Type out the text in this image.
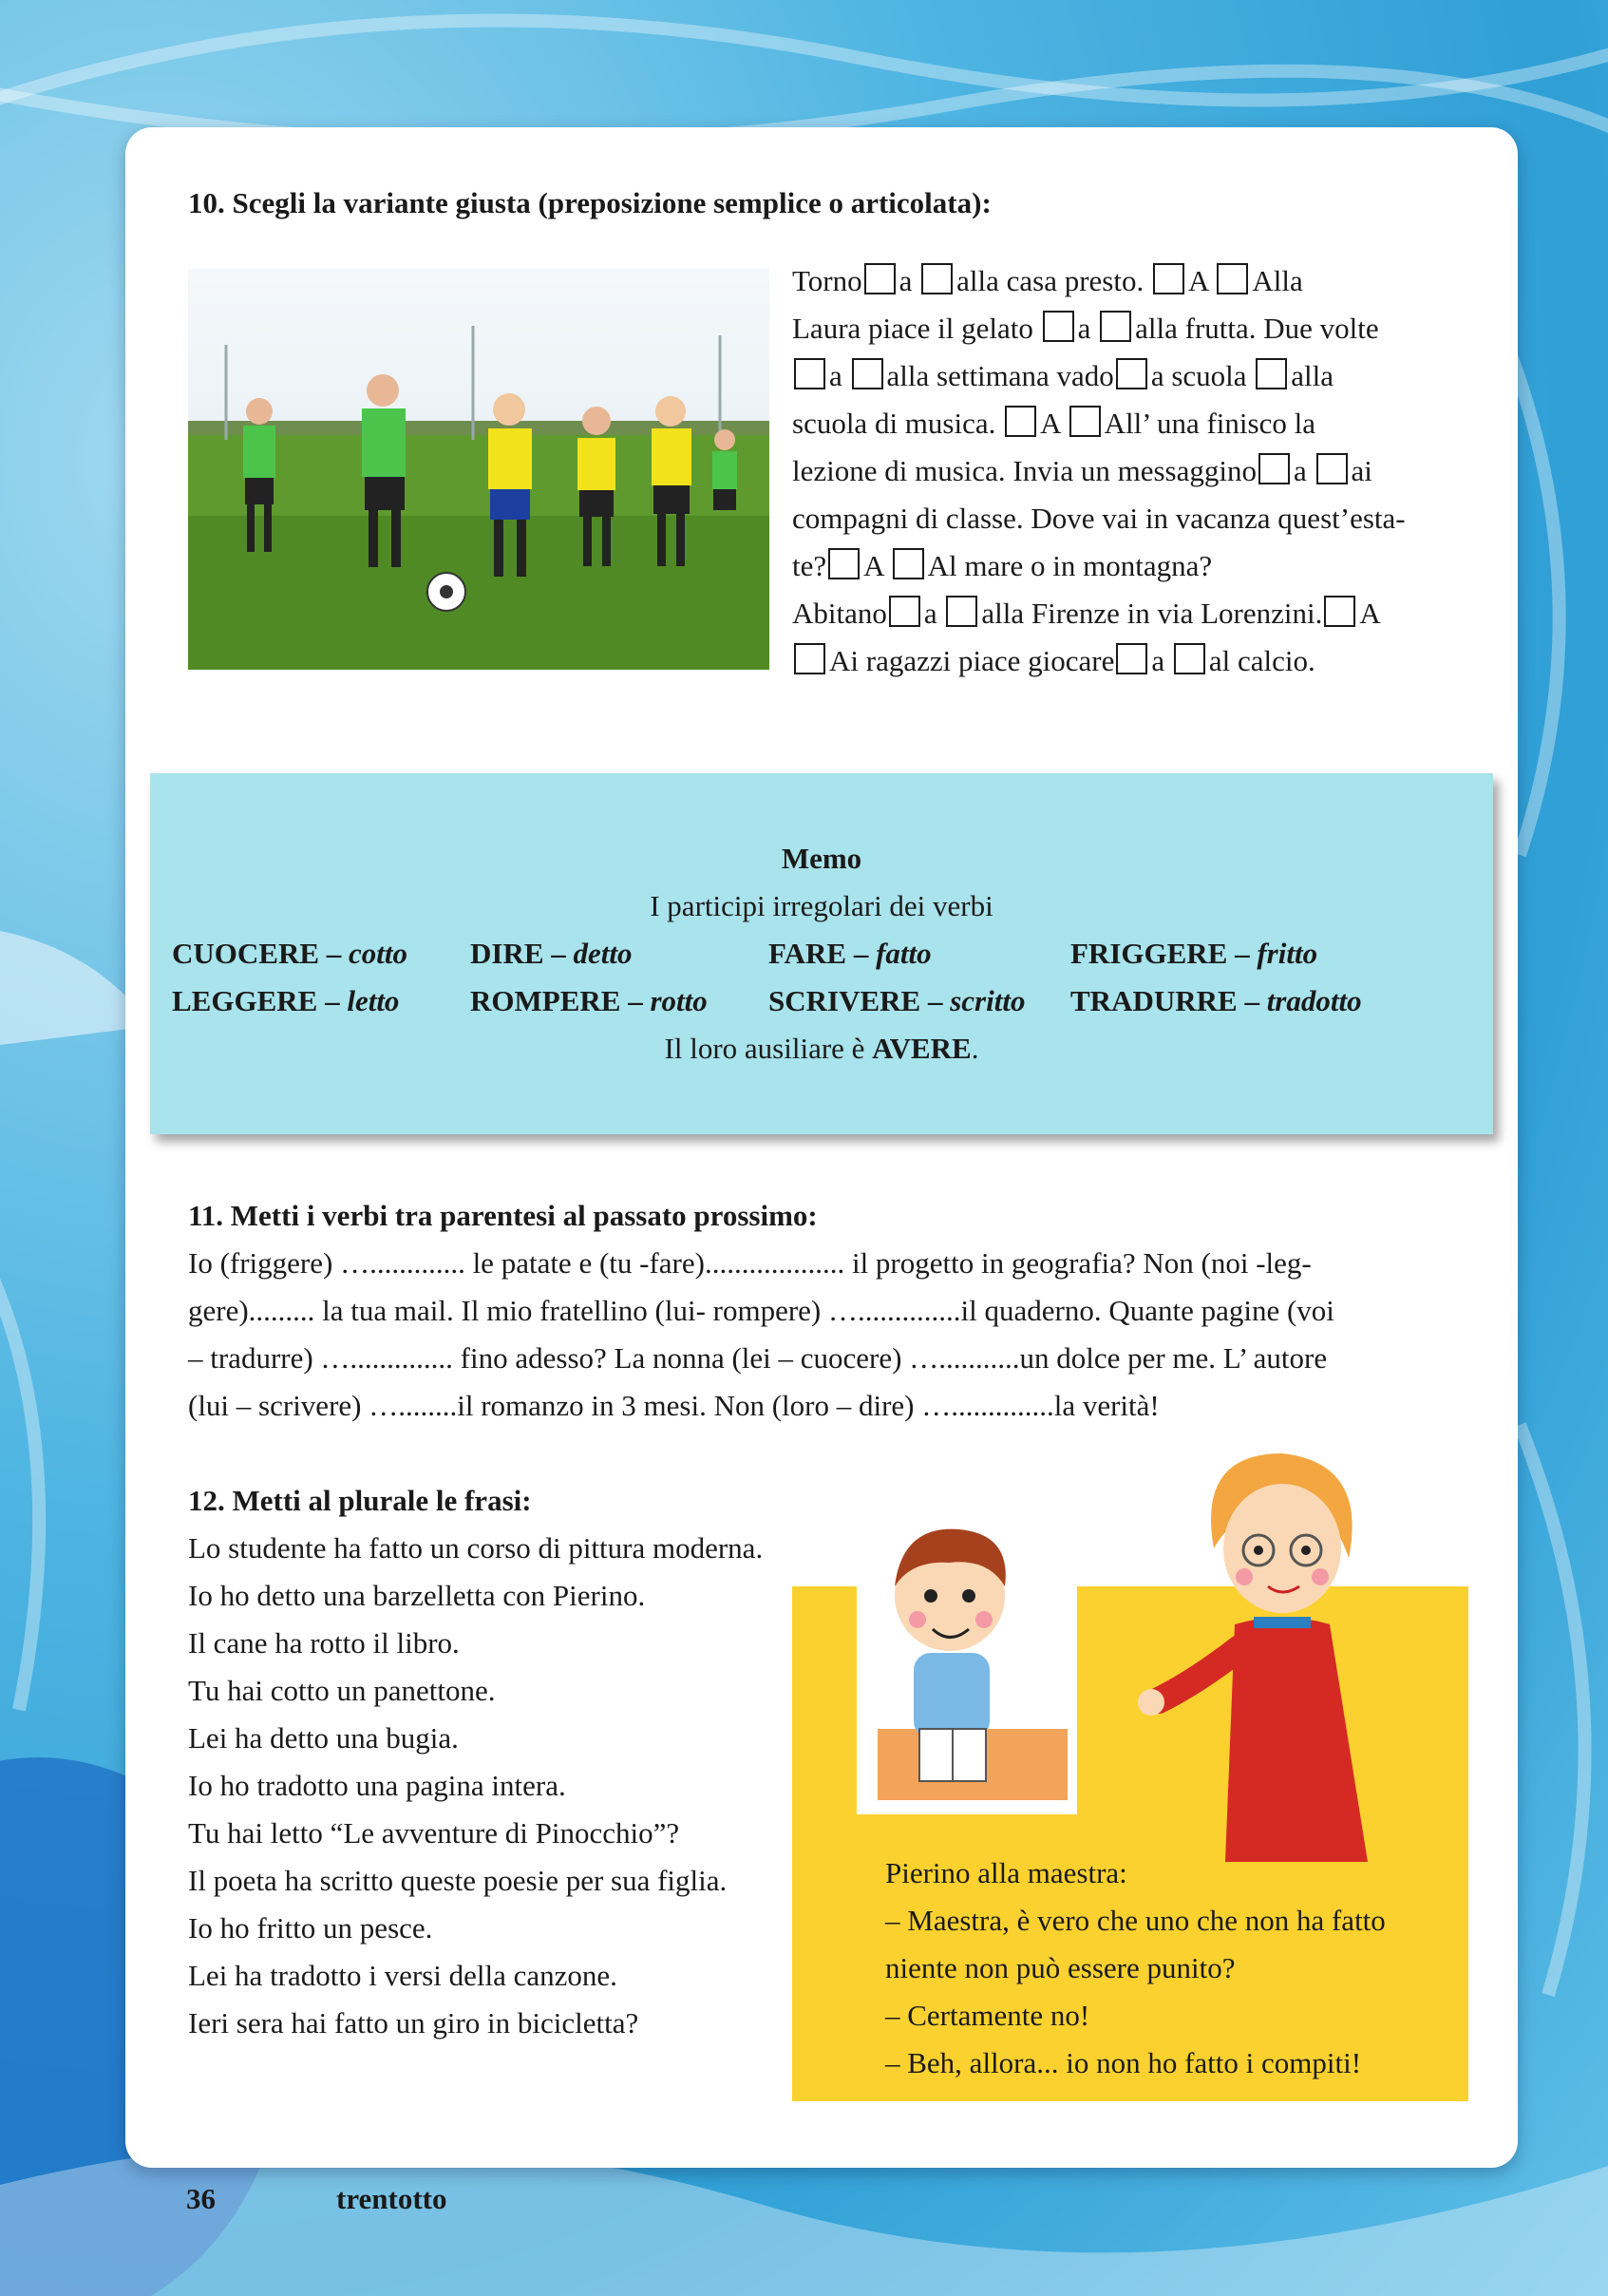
10. Scegli la variante giusta (preposizione semplice o articolata):
Torno a alla casa presto. A Alla
Laura piace il gelato a alla frutta. Due volte
a alla settimana vado a scuola alla
scuola di musica. A All’ una finisco la
lezione di musica. Invia un messaggino a ai
compagni di classe. Dove vai in vacanza quest’esta-
te? A Al mare o in montagna?
Abitano a alla Firenze in via Lorenzini. A
Ai ragazzi piace giocare a al calcio.
Memo
I participi irregolari dei verbi
CUOCERE – cotto DIRE – detto	FARE – fatto	FRIGGERE – fritto
LEGGERE – letto ROMPERE – rotto SCRIVERE – scritto TRADURRE – tradotto
Il loro ausiliare è AVERE.
11. Metti i verbi tra parentesi al passato prossimo:
Io (friggere) …............. le patate e (tu -fare)................... il progetto in geografia? Non (noi -leg-
gere)......... la tua mail. Il mio fratellino (lui- rompere) …..............il quaderno. Quante pagine (voi
– tradurre) ….............. fino adesso? La nonna (lei – cuocere) …...........un dolce per me. L’ autore
(lui – scrivere) …........il romanzo in 3 mesi. Non (loro – dire) …..............la verità!
12. Metti al plurale le frasi:
Lo studente ha fatto un corso di pittura moderna.
Io ho detto una barzelletta con Pierino.
Il cane ha rotto il libro.
Tu hai cotto un panettone.
Lei ha detto una bugia.
Io ho tradotto una pagina intera.
Tu hai letto “Le avventure di Pinocchio”?
Il poeta ha scritto queste poesie per sua figlia.
Io ho fritto un pesce.
Lei ha tradotto i versi della canzone.
Ieri sera hai fatto un giro in bicicletta?
Pierino alla maestra:
– Maestra, è vero che uno che non ha fatto
niente non può essere punito?
– Certamente no!
– Beh, allora... io non ho fatto i compiti!
36	trentotto
